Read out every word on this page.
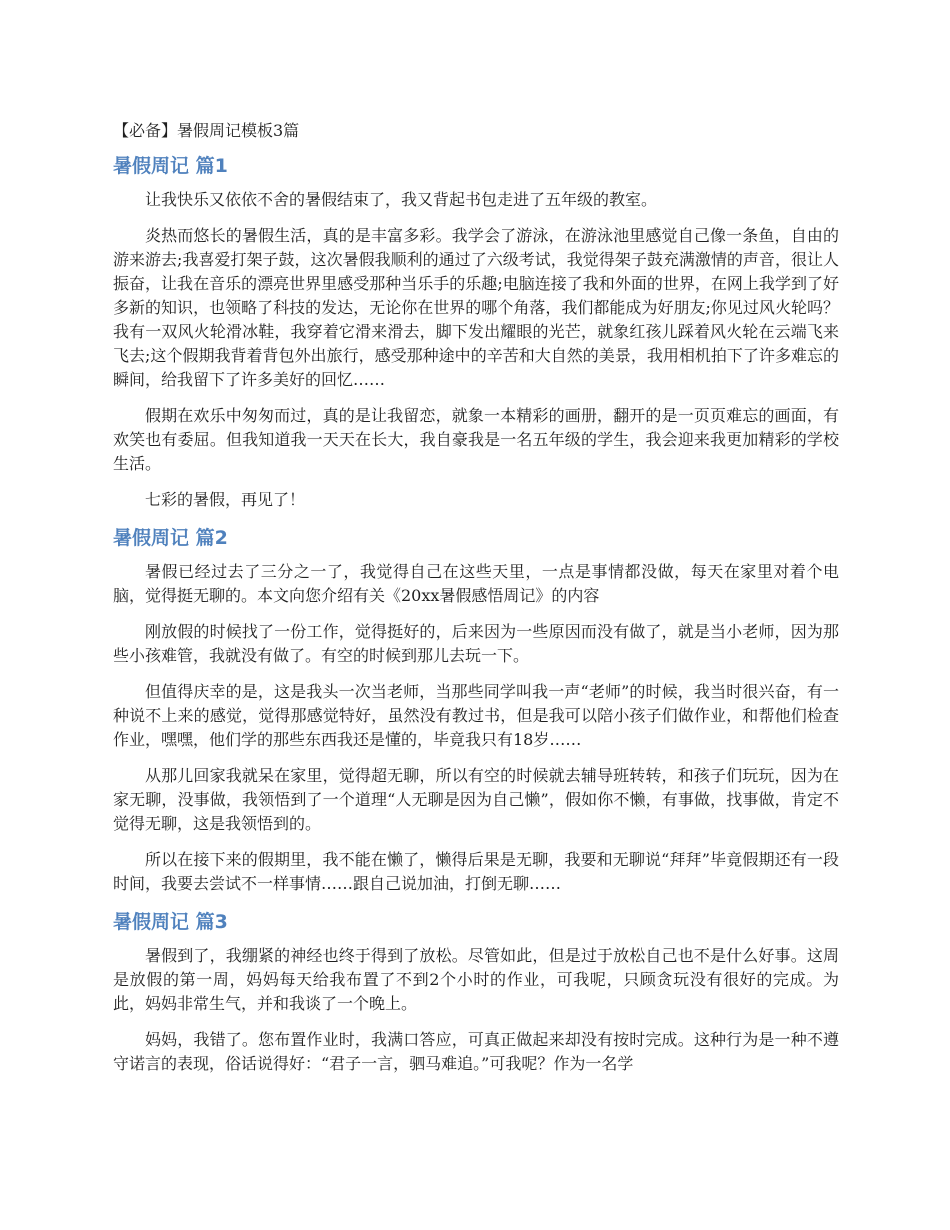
【必备】暑假周记模板3篇
暑假周记 篇1

让我快乐又依依不舍的暑假结束了，我又背起书包走进了五年级的教室。

炎热而悠长的暑假生活，真的是丰富多彩。我学会了游泳，在游泳池里感觉自己像一条鱼，自由的游来游去;我喜爱打架子鼓，这次暑假我顺利的通过了六级考试，我觉得架子鼓充满激情的声音，很让人振奋，让我在音乐的漂亮世界里感受那种当乐手的乐趣;电脑连接了我和外面的世界，在网上我学到了好多新的知识，也领略了科技的发达，无论你在世界的哪个角落，我们都能成为好朋友;你见过风火轮吗？我有一双风火轮滑冰鞋，我穿着它滑来滑去，脚下发出耀眼的光芒，就象红孩儿踩着风火轮在云端飞来飞去;这个假期我背着背包外出旅行，感受那种途中的辛苦和大自然的美景，我用相机拍下了许多难忘的瞬间，给我留下了许多美好的回忆……

假期在欢乐中匆匆而过，真的是让我留恋，就象一本精彩的画册，翻开的是一页页难忘的画面，有欢笑也有委屈。但我知道我一天天在长大，我自豪我是一名五年级的学生，我会迎来我更加精彩的学校生活。

七彩的暑假，再见了！

暑假周记 篇2

暑假已经过去了三分之一了，我觉得自己在这些天里，一点是事情都没做，每天在家里对着个电脑，觉得挺无聊的。本文向您介绍有关《20xx暑假感悟周记》的内容

刚放假的时候找了一份工作，觉得挺好的，后来因为一些原因而没有做了，就是当小老师，因为那些小孩难管，我就没有做了。有空的时候到那儿去玩一下。

但值得庆幸的是，这是我头一次当老师，当那些同学叫我一声“老师”的时候，我当时很兴奋，有一种说不上来的感觉，觉得那感觉特好，虽然没有教过书，但是我可以陪小孩子们做作业，和帮他们检查作业，嘿嘿，他们学的那些东西我还是懂的，毕竟我只有18岁……

从那儿回家我就呆在家里，觉得超无聊，所以有空的时候就去辅导班转转，和孩子们玩玩，因为在家无聊，没事做，我领悟到了一个道理“人无聊是因为自己懒”，假如你不懒，有事做，找事做，肯定不觉得无聊，这是我领悟到的。

所以在接下来的假期里，我不能在懒了，懒得后果是无聊，我要和无聊说“拜拜”毕竟假期还有一段时间，我要去尝试不一样事情……跟自己说加油，打倒无聊……

暑假周记 篇3

暑假到了，我绷紧的神经也终于得到了放松。尽管如此，但是过于放松自己也不是什么好事。这周是放假的第一周，妈妈每天给我布置了不到2个小时的作业，可我呢，只顾贪玩没有很好的完成。为此，妈妈非常生气，并和我谈了一个晚上。

妈妈，我错了。您布置作业时，我满口答应，可真正做起来却没有按时完成。这种行为是一种不遵守诺言的表现，俗话说得好：“君子一言，驷马难追。”可我呢？作为一名学
